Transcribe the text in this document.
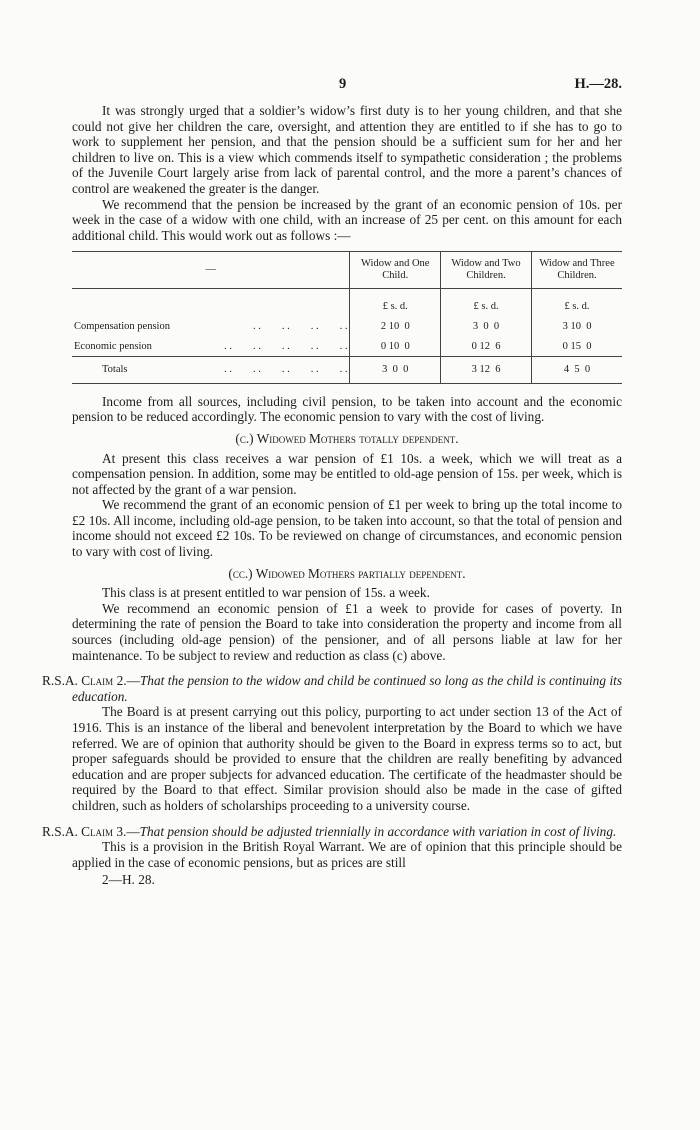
9	H.—28.

It was strongly urged that a soldier’s widow’s first duty is to her young children, and that she could not give her children the care, oversight, and attention they are entitled to if she has to go to work to supplement her pension, and that the pension should be a sufficient sum for her and her children to live on. This is a view which commends itself to sympathetic consideration ; the problems of the Juvenile Court largely arise from lack of parental control, and the more a parent’s chances of control are weakened the greater is the danger.

We recommend that the pension be increased by the grant of an economic pension of 10s. per week in the case of a widow with one child, with an increase of 25 per cent. on this amount for each additional child. This would work out as follows :—

—	Widow and One Child.	Widow and Two Children.	Widow and Three Children.
	£ s. d.	£ s. d.	£ s. d.
Compensation pension . .        . .        . .        . .	2 10  0	3  0  0	3 10  0
Economic pension . .        . .        . .        . .        . .	0 10  0	0 12  6	0 15  0
Totals . .        . .        . .        . .        . .	3  0  0	3 12  6	4  5  0

Income from all sources, including civil pension, to be taken into account and the economic pension to be reduced accordingly. The economic pension to vary with the cost of living.

(c.) Widowed Mothers totally dependent.

At present this class receives a war pension of £1 10s. a week, which we will treat as a compensation pension. In addition, some may be entitled to old-age pension of 15s. per week, which is not affected by the grant of a war pension.

We recommend the grant of an economic pension of £1 per week to bring up the total income to £2 10s. All income, including old-age pension, to be taken into account, so that the total of pension and income should not exceed £2 10s. To be reviewed on change of circumstances, and economic pension to vary with cost of living.

(cc.) Widowed Mothers partially dependent.

This class is at present entitled to war pension of 15s. a week.

We recommend an economic pension of £1 a week to provide for cases of poverty. In determining the rate of pension the Board to take into consideration the property and income from all sources (including old-age pension) of the pensioner, and of all persons liable at law for her maintenance. To be subject to review and reduction as class (c) above.

R.S.A. Claim 2.—That the pension to the widow and child be continued so long as the child is continuing its education.

The Board is at present carrying out this policy, purporting to act under section 13 of the Act of 1916. This is an instance of the liberal and benevolent interpretation by the Board to which we have referred. We are of opinion that authority should be given to the Board in express terms so to act, but proper safeguards should be provided to ensure that the children are really benefiting by advanced education and are proper subjects for advanced education. The certificate of the headmaster should be required by the Board to that effect. Similar provision should also be made in the case of gifted children, such as holders of scholarships proceeding to a university course.

R.S.A. Claim 3.—That pension should be adjusted triennially in accordance with variation in cost of living.

This is a provision in the British Royal Warrant. We are of opinion that this principle should be applied in the case of economic pensions, but as prices are still

2—H. 28.
